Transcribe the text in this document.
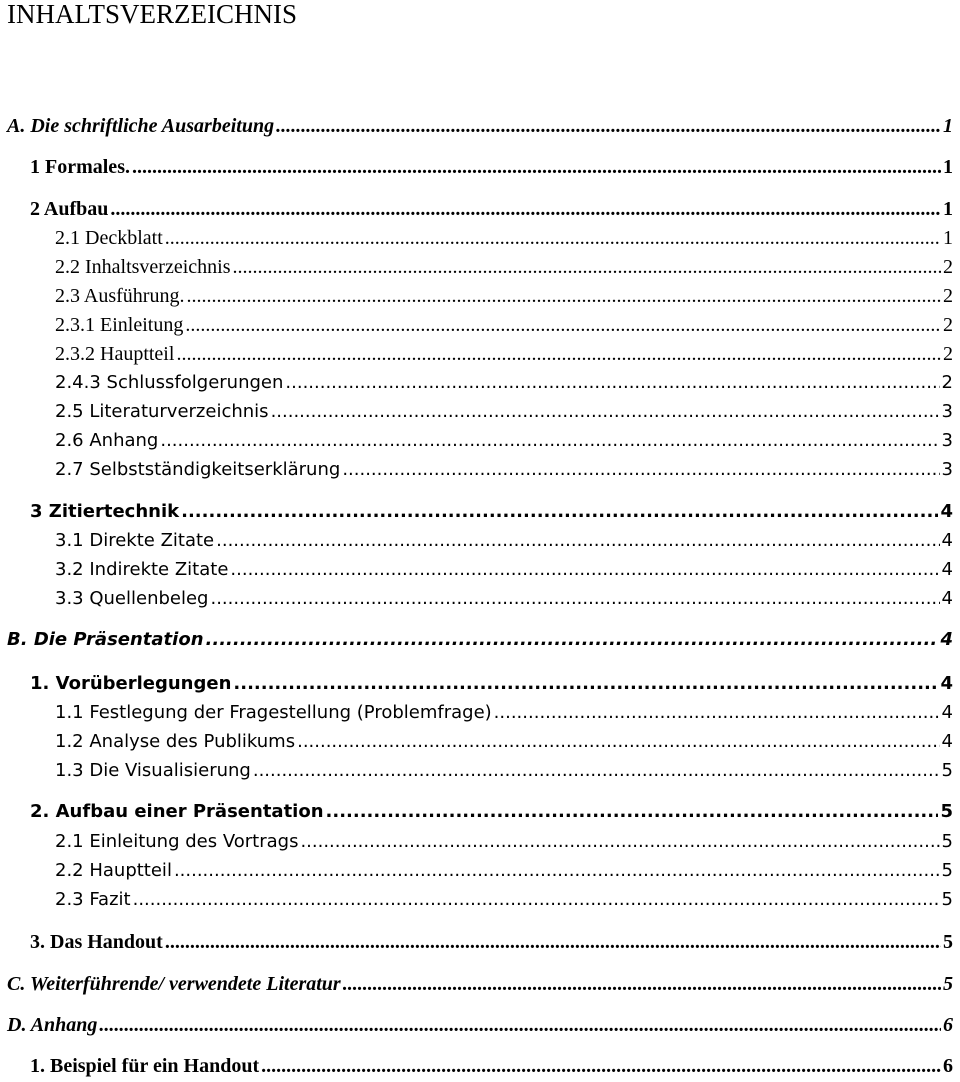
INHALTSVERZEICHNIS
A. Die schriftliche Ausarbeitung .....	1
1 Formales. .....	1
2 Aufbau .....	1
2.1 Deckblatt .....	1
2.2 Inhaltsverzeichnis .....	2
2.3 Ausführung. .....	2
2.3.1 Einleitung .....	2
2.3.2 Hauptteil .....	2
2.4.3 Schlussfolgerungen .....	2
2.5 Literaturverzeichnis .....	3
2.6 Anhang .....	3
2.7 Selbstständigkeitserklärung .....	3
3 Zitiertechnik .....	4
3.1 Direkte Zitate .....	4
3.2 Indirekte Zitate .....	4
3.3 Quellenbeleg .....	4
B. Die Präsentation .....	4
1. Vorüberlegungen .....	4
1.1 Festlegung der Fragestellung (Problemfrage) .....	4
1.2 Analyse des Publikums .....	4
1.3 Die Visualisierung .....	5
2. Aufbau einer Präsentation .....	5
2.1 Einleitung des Vortrags .....	5
2.2 Hauptteil .....	5
2.3 Fazit .....	5
3. Das Handout .....	5
C. Weiterführende/ verwendete Literatur .....	5
D. Anhang .....	6
1. Beispiel für ein Handout .....	6
